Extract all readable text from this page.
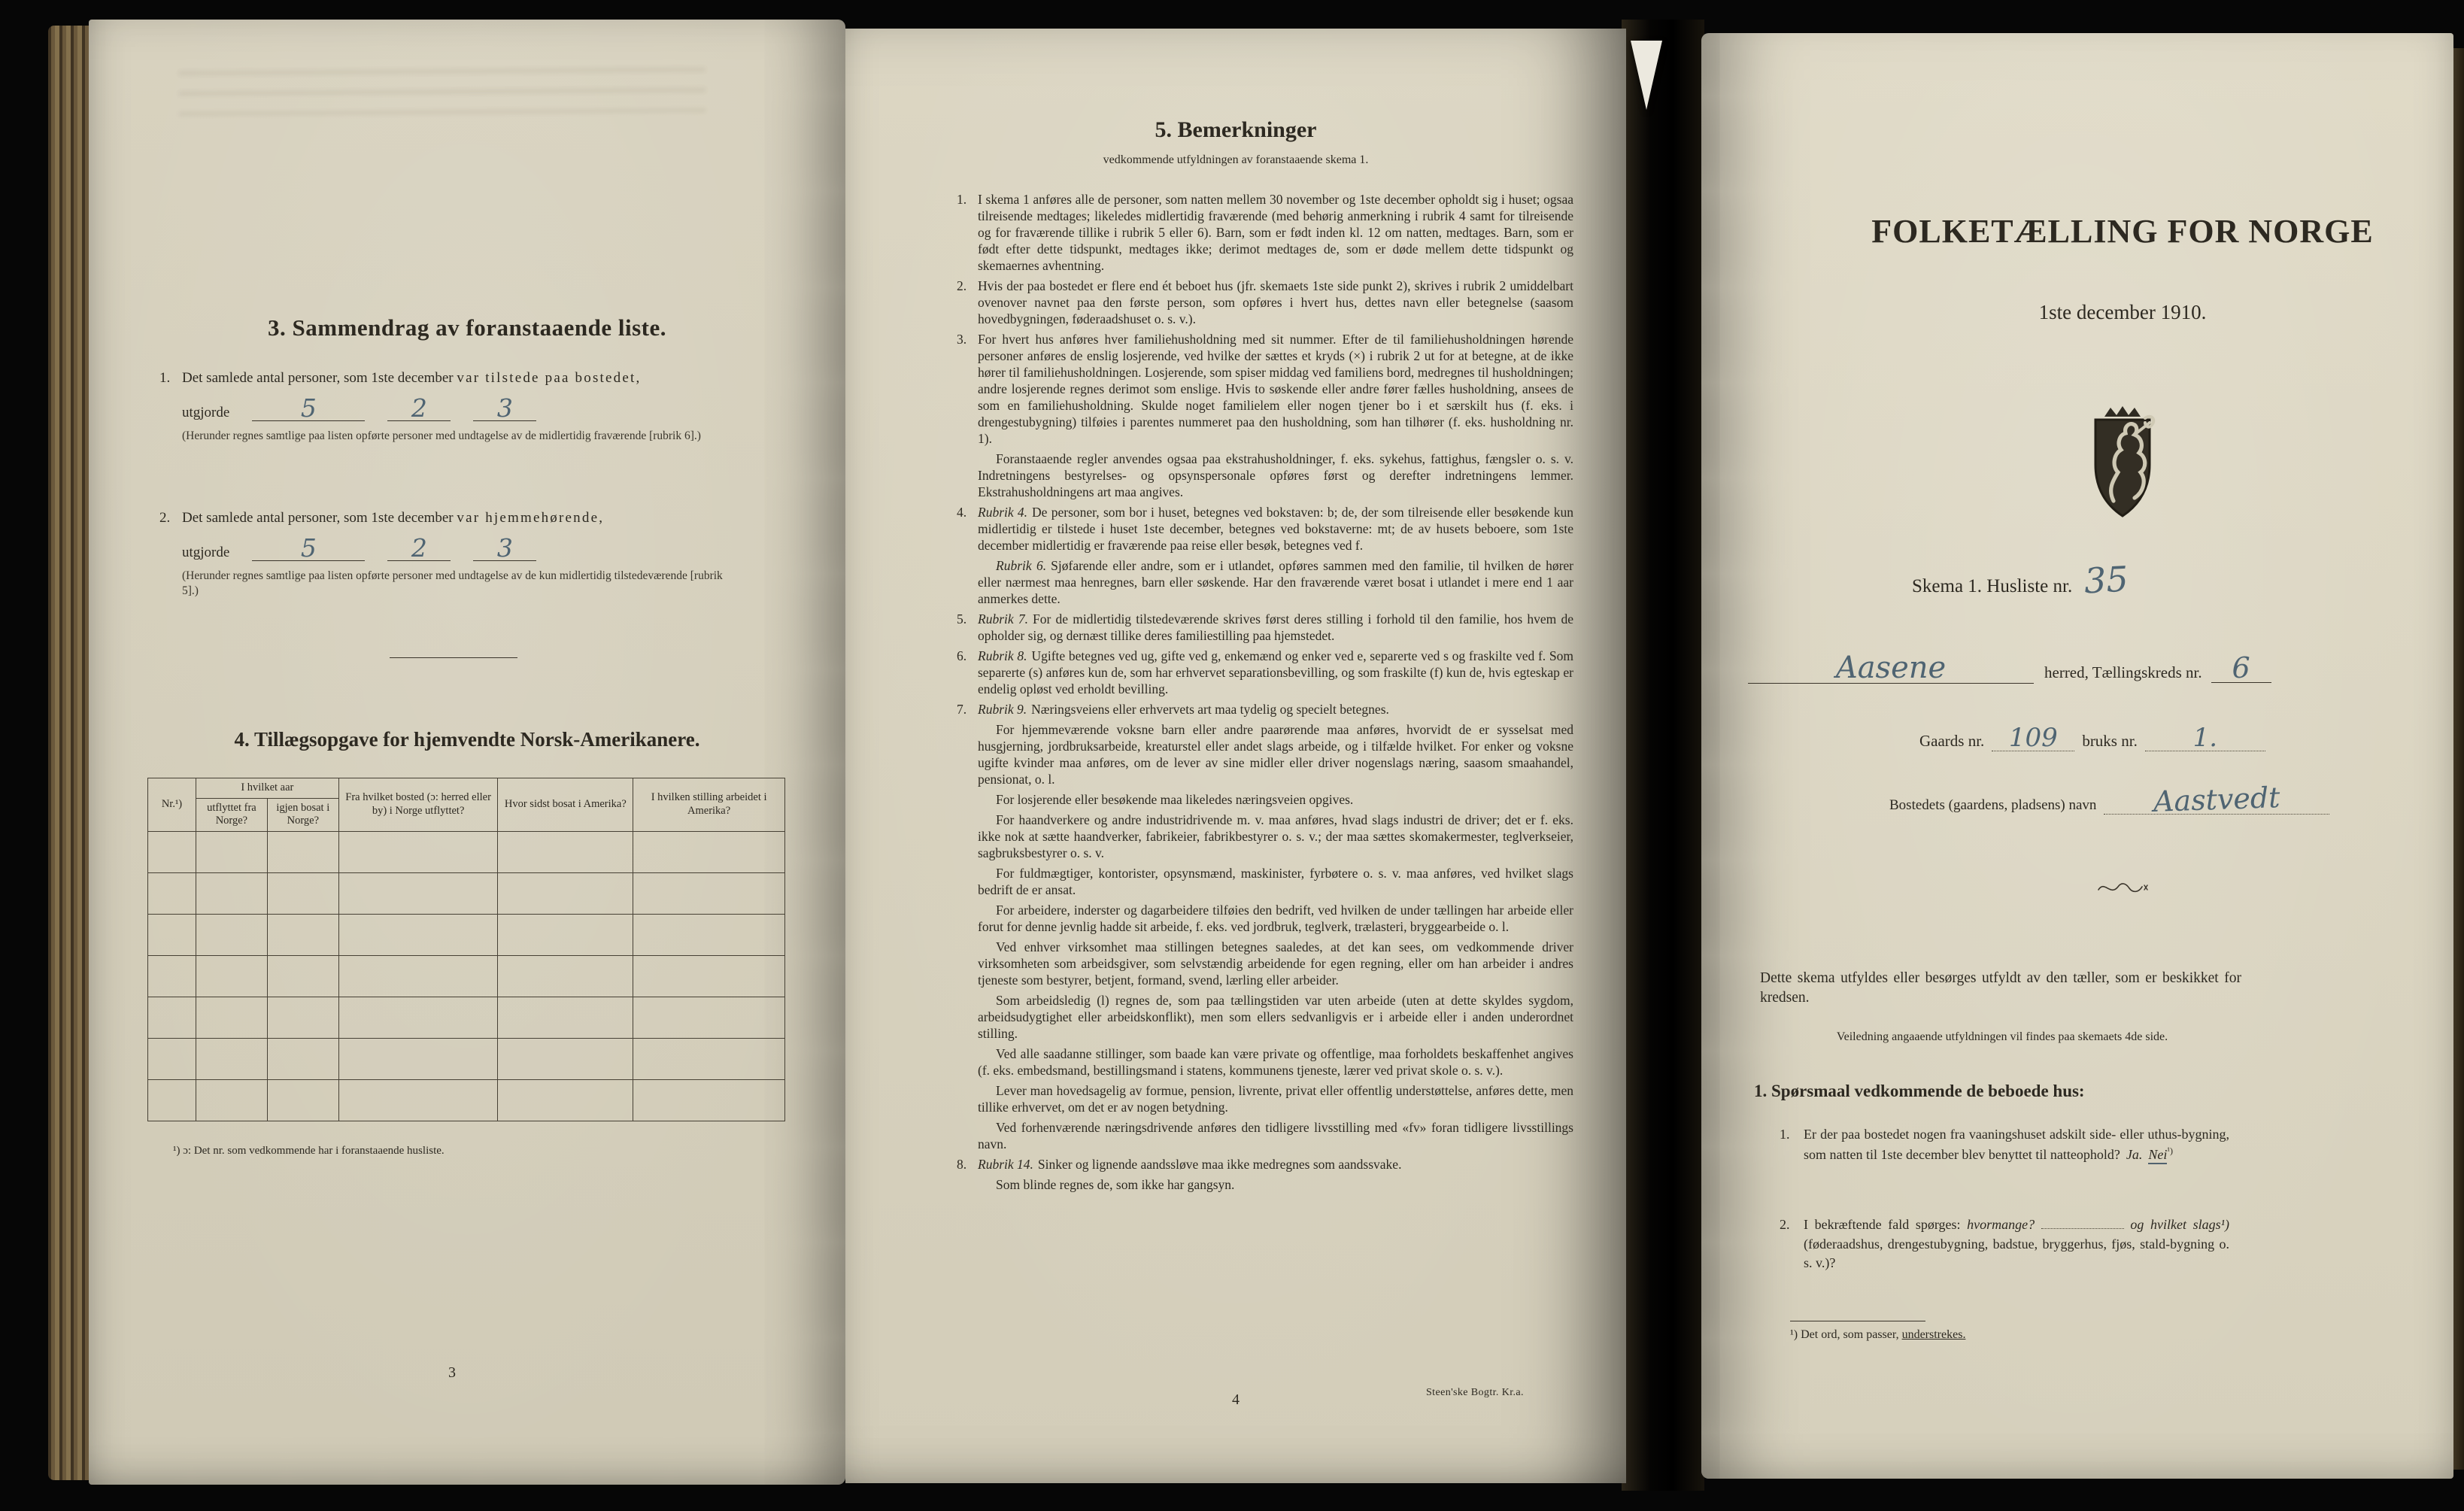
3. Sammendrag av foranstaaende liste.

1. Det samlede antal personer, som 1ste december var tilstede paa bostedet,

utgjorde	5	2	3

(Herunder regnes samtlige paa listen opførte personer med undtagelse av de midlertidig fraværende [rubrik 6].)

2. Det samlede antal personer, som 1ste december var hjemmehørende,

utgjorde	5	2	3

(Herunder regnes samtlige paa listen opførte personer med undtagelse av de kun midlertidig tilstedeværende [rubrik 5].)

4. Tillægsopgave for hjemvendte Norsk-Amerikanere.
Nr.¹)	I hvilket aar		Fra hvilket bosted (ɔ: herred eller by) i Norge utflyttet?	Hvor sidst bosat i Amerika?	I hvilken stilling arbeidet i Amerika?
	utflyttet fra Norge?	igjen bosat i Norge?			

¹) ɔ: Det nr. som vedkommende har i foranstaaende husliste.

3

5. Bemerkninger

vedkommende utfyldningen av foranstaaende skema 1.

1. I skema 1 anføres alle de personer, som natten mellem 30 november og 1ste december opholdt sig i huset; ogsaa tilreisende medtages; likeledes midlertidig fraværende (med behørig anmerkning i rubrik 4 samt for tilreisende og for fraværende tillike i rubrik 5 eller 6). Barn, som er født inden kl. 12 om natten, medtages. Barn, som er født efter dette tidspunkt, medtages ikke; derimot medtages de, som er døde mellem dette tidspunkt og skemaernes avhentning.

2. Hvis der paa bostedet er flere end ét beboet hus (jfr. skemaets 1ste side punkt 2), skrives i rubrik 2 umiddelbart ovenover navnet paa den første person, som opføres i hvert hus, dettes navn eller betegnelse (saasom hovedbygningen, føderaadshuset o. s. v.).

3. For hvert hus anføres hver familiehusholdning med sit nummer. Efter de til familiehusholdningen hørende personer anføres de enslig losjerende, ved hvilke der sættes et kryds (×) i rubrik 2 ut for at betegne, at de ikke hører til familiehusholdningen. Losjerende, som spiser middag ved familiens bord, medregnes til husholdningen; andre losjerende regnes derimot som enslige. Hvis to søskende eller andre fører fælles husholdning, ansees de som en familiehusholdning. Skulde noget familielem eller nogen tjener bo i et særskilt hus (f. eks. i drengestubygning) tilføies i parentes nummeret paa den husholdning, som han tilhører (f. eks. husholdning nr. 1).

Foranstaaende regler anvendes ogsaa paa ekstrahusholdninger, f. eks. sykehus, fattighus, fængsler o. s. v. Indretningens bestyrelses- og opsynspersonale opføres først og derefter indretningens lemmer. Ekstrahusholdningens art maa angives.

4. Rubrik 4. De personer, som bor i huset, betegnes ved bokstaven: b; de, der som tilreisende eller besøkende kun midlertidig er tilstede i huset 1ste december, betegnes ved bokstaverne: mt; de av husets beboere, som 1ste december midlertidig er fraværende paa reise eller besøk, betegnes ved f.

Rubrik 6. Sjøfarende eller andre, som er i utlandet, opføres sammen med den familie, til hvilken de hører eller nærmest maa henregnes, barn eller søskende. Har den fraværende været bosat i utlandet i mere end 1 aar anmerkes dette.

5. Rubrik 7. For de midlertidig tilstedeværende skrives først deres stilling i forhold til den familie, hos hvem de opholder sig, og dernæst tillike deres familiestilling paa hjemstedet.

6. Rubrik 8. Ugifte betegnes ved ug, gifte ved g, enkemænd og enker ved e, separerte ved s og fraskilte ved f. Som separerte (s) anføres kun de, som har erhvervet separationsbevilling, og som fraskilte (f) kun de, hvis egteskap er endelig opløst ved erholdt bevilling.

7. Rubrik 9. Næringsveiens eller erhvervets art maa tydelig og specielt betegnes.

For hjemmeværende voksne barn eller andre paarørende maa anføres, hvorvidt de er sysselsat med husgjerning, jordbruksarbeide, kreaturstel eller andet slags arbeide, og i tilfælde hvilket. For enker og voksne ugifte kvinder maa anføres, om de lever av sine midler eller driver nogenslags næring, saasom smaahandel, pensionat, o. l.

For losjerende eller besøkende maa likeledes næringsveien opgives.

For haandverkere og andre industridrivende m. v. maa anføres, hvad slags industri de driver; det er f. eks. ikke nok at sætte haandverker, fabrikeier, fabrikbestyrer o. s. v.; der maa sættes skomakermester, teglverkseier, sagbruksbestyrer o. s. v.

For fuldmægtiger, kontorister, opsynsmænd, maskinister, fyrbøtere o. s. v. maa anføres, ved hvilket slags bedrift de er ansat.

For arbeidere, inderster og dagarbeidere tilføies den bedrift, ved hvilken de under tællingen har arbeide eller forut for denne jevnlig hadde sit arbeide, f. eks. ved jordbruk, teglverk, trælasteri, bryggearbeide o. l.

Ved enhver virksomhet maa stillingen betegnes saaledes, at det kan sees, om vedkommende driver virksomheten som arbeidsgiver, som selvstændig arbeidende for egen regning, eller om han arbeider i andres tjeneste som bestyrer, betjent, formand, svend, lærling eller arbeider.

Som arbeidsledig (l) regnes de, som paa tællingstiden var uten arbeide (uten at dette skyldes sygdom, arbeidsudygtighet eller arbeidskonflikt), men som ellers sedvanligvis er i arbeide eller i anden underordnet stilling.

Ved alle saadanne stillinger, som baade kan være private og offentlige, maa forholdets beskaffenhet angives (f. eks. embedsmand, bestillingsmand i statens, kommunens tjeneste, lærer ved privat skole o. s. v.).

Lever man hovedsagelig av formue, pension, livrente, privat eller offentlig understøttelse, anføres dette, men tillike erhvervet, om det er av nogen betydning.

Ved forhenværende næringsdrivende anføres den tidligere livsstilling med «fv» foran tidligere livsstillings navn.

8. Rubrik 14. Sinker og lignende aandssløve maa ikke medregnes som aandssvake.

Som blinde regnes de, som ikke har gangsyn.

4	Steen'ske Bogtr. Kr.a.

FOLKETÆLLING FOR NORGE

1ste december 1910.

Skema 1. Husliste nr. 35
Aasene	herred, Tællingskreds nr.	6
Gaards nr. 109	bruks nr.	1.
Bostedets (gaardens, pladsens) navn	Aastvedt

Dette skema utfyldes eller besørges utfyldt av den tæller, som er beskikket for kredsen.

Veiledning angaaende utfyldningen vil findes paa skemaets 4de side.

1. Spørsmaal vedkommende de beboede hus:

1. Er der paa bostedet nogen fra vaaningshuset adskilt side- eller uthus-bygning, som natten til 1ste december blev benyttet til natteophold? Ja. Nei$^{^1)}$

2. I bekræftende fald spørges: hvormange?	og hvilket slags¹) (føderaadshus, drengestubygning, badstue, bryggerhus, fjøs, stald-bygning o. s. v.)?

¹) Det ord, som passer, understrekes.
